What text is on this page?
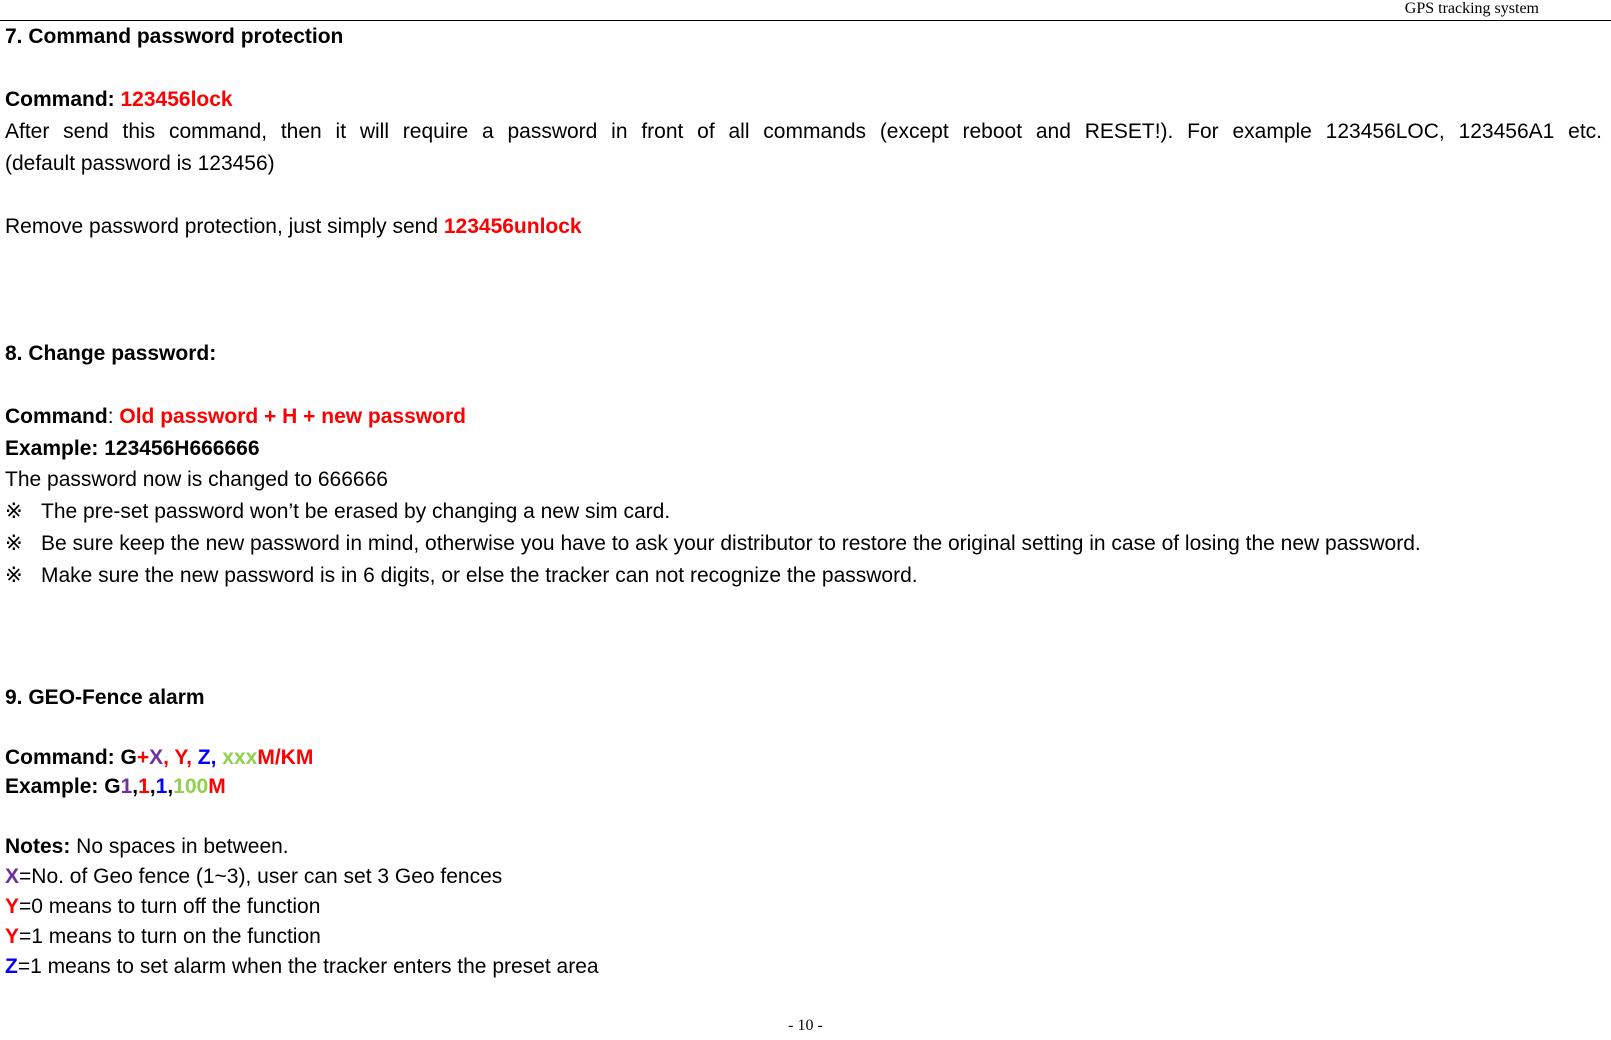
GPS tracking system
7. Command password protection
Command: 123456lock
After send this command, then it will require a password in front of all commands (except reboot and RESET!). For example 123456LOC, 123456A1 etc.
(default password is 123456)
Remove password protection, just simply send 123456unlock
8. Change password:
Command: Old password + H + new password
Example: 123456H666666
The password now is changed to 666666
※ The pre-set password won’t be erased by changing a new sim card.
※ Be sure keep the new password in mind, otherwise you have to ask your distributor to restore the original setting in case of losing the new password.
※ Make sure the new password is in 6 digits, or else the tracker can not recognize the password.
9. GEO-Fence alarm
Command: G+X, Y, Z, xxxM/KM
Example: G1,1,1,100M
Notes: No spaces in between.
X=No. of Geo fence (1~3), user can set 3 Geo fences
Y=0 means to turn off the function
Y=1 means to turn on the function
Z=1 means to set alarm when the tracker enters the preset area
- 10 -
